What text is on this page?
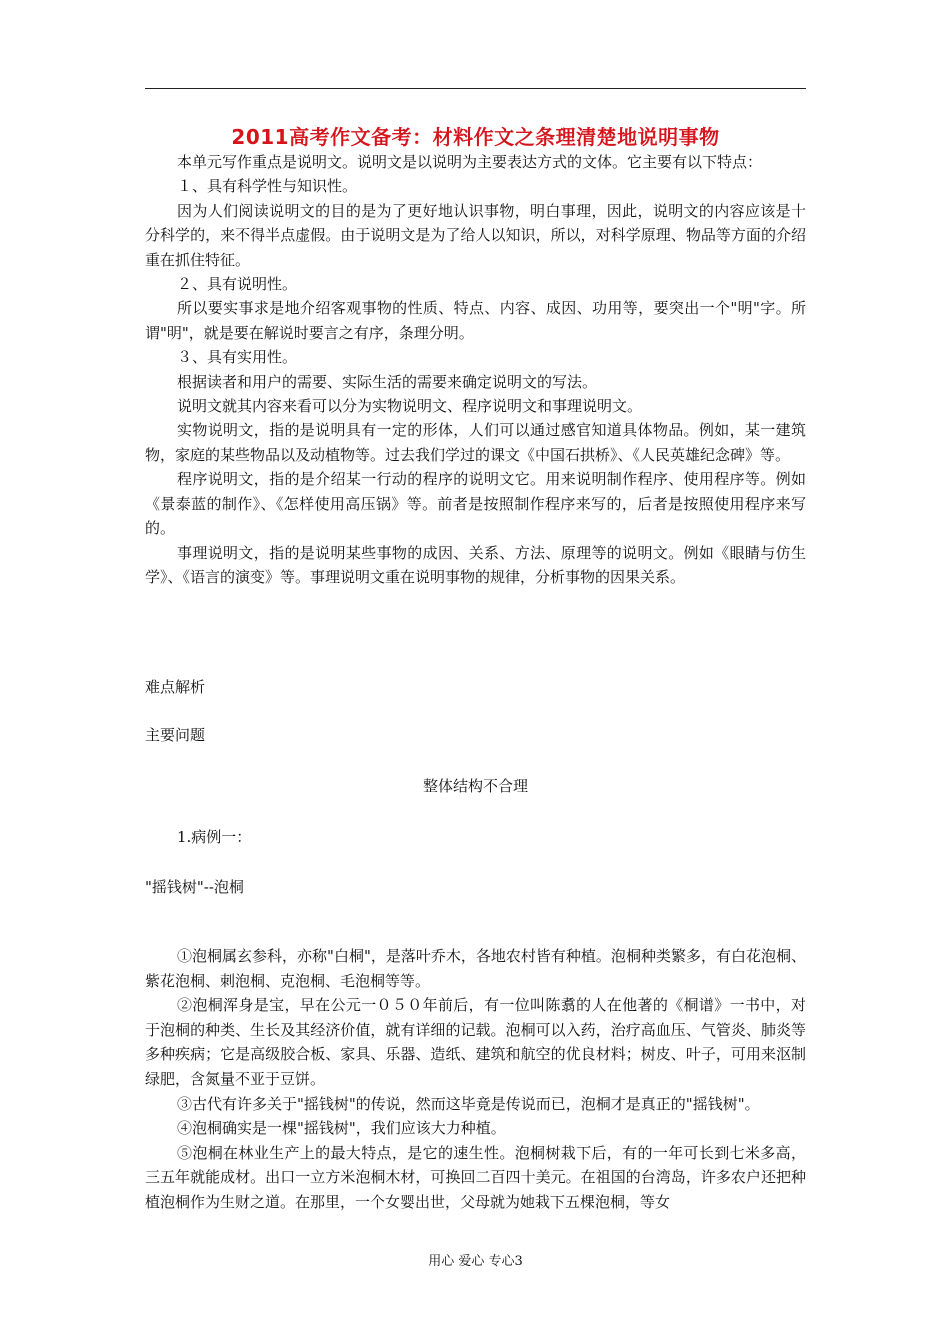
2011高考作文备考：材料作文之条理清楚地说明事物

本单元写作重点是说明文。说明文是以说明为主要表达方式的文体。它主要有以下特点：

１、具有科学性与知识性。

因为人们阅读说明文的目的是为了更好地认识事物，明白事理，因此，说明文的内容应该是十分科学的，来不得半点虚假。由于说明文是为了给人以知识，所以，对科学原理、物品等方面的介绍重在抓住特征。

２、具有说明性。

所以要实事求是地介绍客观事物的性质、特点、内容、成因、功用等，要突出一个"明"字。所谓"明"，就是要在解说时要言之有序，条理分明。

３、具有实用性。

根据读者和用户的需要、实际生活的需要来确定说明文的写法。

说明文就其内容来看可以分为实物说明文、程序说明文和事理说明文。

实物说明文，指的是说明具有一定的形体，人们可以通过感官知道具体物品。例如，某一建筑物，家庭的某些物品以及动植物等。过去我们学过的课文《中国石拱桥》、《人民英雄纪念碑》等。

程序说明文，指的是介绍某一行动的程序的说明文它。用来说明制作程序、使用程序等。例如《景泰蓝的制作》、《怎样使用高压锅》等。前者是按照制作程序来写的，后者是按照使用程序来写的。

事理说明文，指的是说明某些事物的成因、关系、方法、原理等的说明文。例如《眼睛与仿生学》、《语言的演变》等。事理说明文重在说明事物的规律，分析事物的因果关系。

难点解析
主要问题
整体结构不合理
1.病例一：
"摇钱树"--泡桐

①泡桐属玄参科，亦称"白桐"，是落叶乔木，各地农村皆有种植。泡桐种类繁多，有白花泡桐、紫花泡桐、刺泡桐、克泡桐、毛泡桐等等。

②泡桐浑身是宝，早在公元一０５０年前后，有一位叫陈翥的人在他著的《桐谱》一书中，对于泡桐的种类、生长及其经济价值，就有详细的记载。泡桐可以入药，治疗高血压、气管炎、肺炎等多种疾病；它是高级胶合板、家具、乐器、造纸、建筑和航空的优良材料；树皮、叶子，可用来沤制绿肥，含氮量不亚于豆饼。

③古代有许多关于"摇钱树"的传说，然而这毕竟是传说而已，泡桐才是真正的"摇钱树"。

④泡桐确实是一棵"摇钱树"，我们应该大力种植。

⑤泡桐在林业生产上的最大特点，是它的速生性。泡桐树栽下后，有的一年可长到七米多高，三五年就能成材。出口一立方米泡桐木材，可换回二百四十美元。在祖国的台湾岛，许多农户还把种植泡桐作为生财之道。在那里，一个女婴出世，父母就为她栽下五棵泡桐，等女

用心 爱心 专心3
